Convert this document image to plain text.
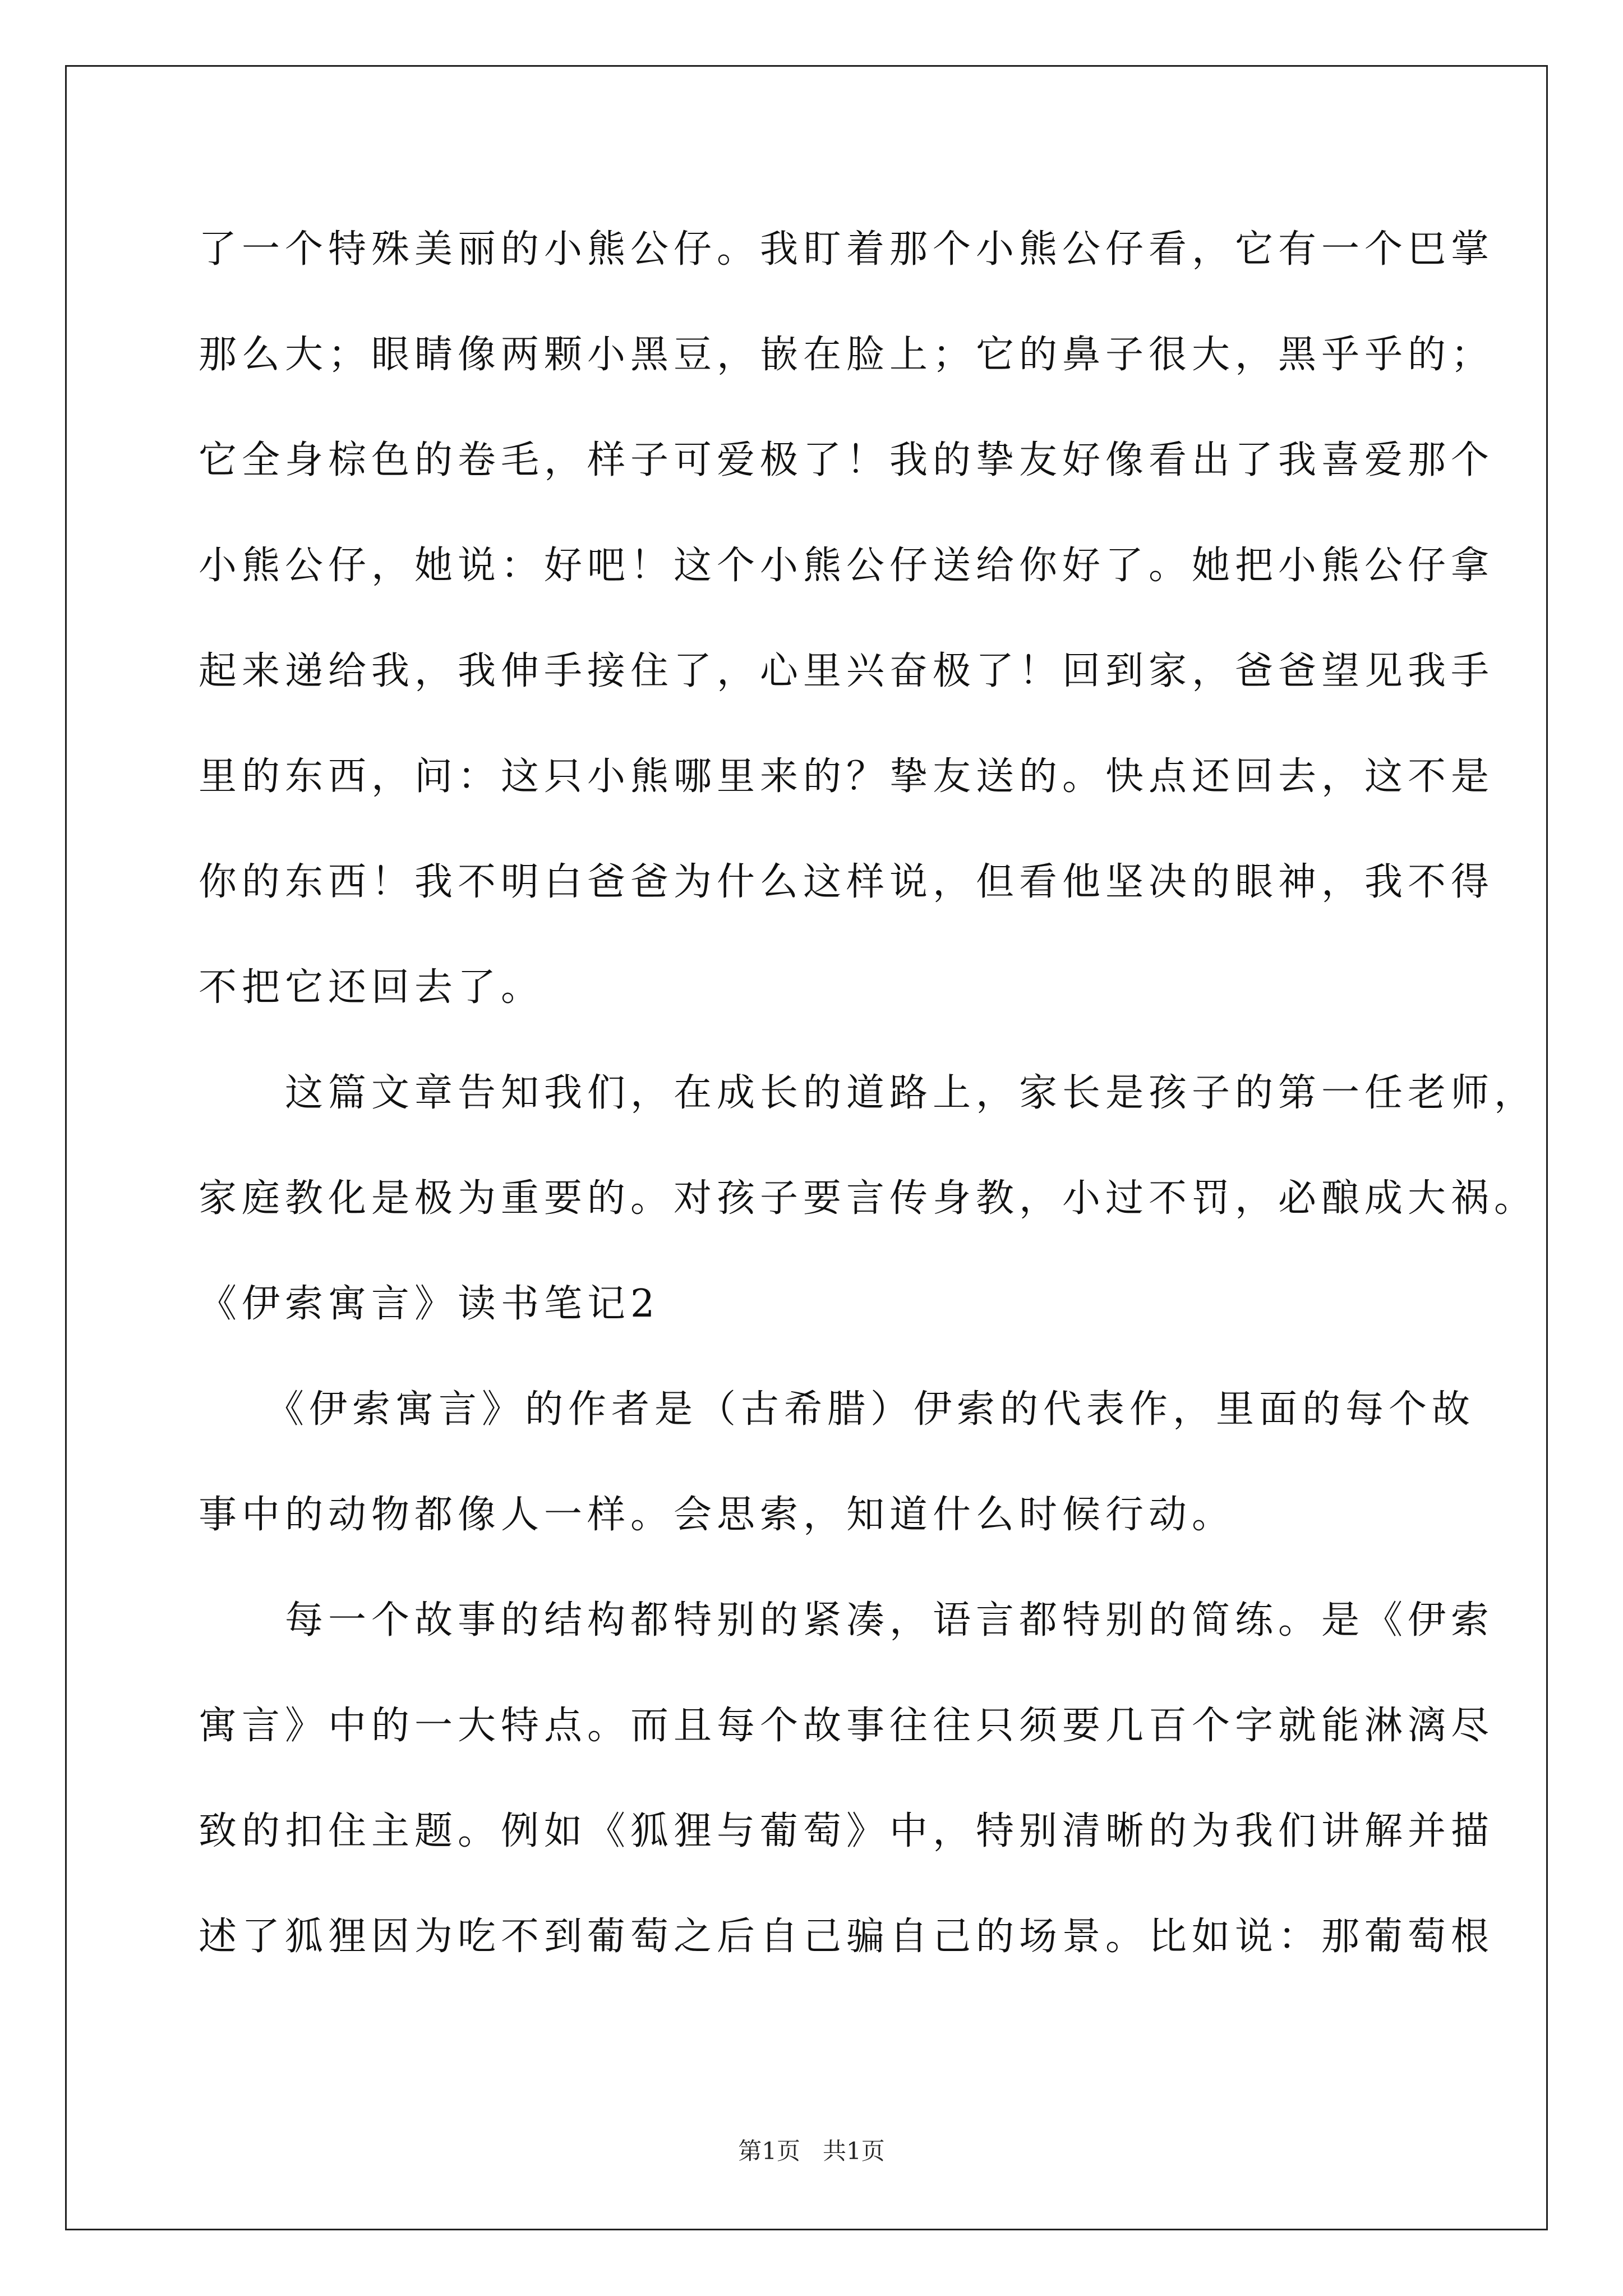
了一个特殊美丽的小熊公仔。我盯着那个小熊公仔看，它有一个巴掌
那么大；眼睛像两颗小黑豆，嵌在脸上；它的鼻子很大，黑乎乎的；
它全身棕色的卷毛，样子可爱极了！我的挚友好像看出了我喜爱那个
小熊公仔，她说：好吧！这个小熊公仔送给你好了。她把小熊公仔拿
起来递给我，我伸手接住了，心里兴奋极了！回到家，爸爸望见我手
里的东西，问：这只小熊哪里来的？挚友送的。快点还回去，这不是
你的东西！我不明白爸爸为什么这样说，但看他坚决的眼神，我不得
不把它还回去了。
　　这篇文章告知我们，在成长的道路上，家长是孩子的第一任老师，
家庭教化是极为重要的。对孩子要言传身教，小过不罚，必酿成大祸。
《伊索寓言》读书笔记2
　　《伊索寓言》的作者是（古希腊）伊索的代表作，里面的每个故
事中的动物都像人一样。会思索，知道什么时候行动。
　　每一个故事的结构都特别的紧凑，语言都特别的简练。是《伊索
寓言》中的一大特点。而且每个故事往往只须要几百个字就能淋漓尽
致的扣住主题。例如《狐狸与葡萄》中，特别清晰的为我们讲解并描
述了狐狸因为吃不到葡萄之后自己骗自己的场景。比如说：那葡萄根
第1页 共1页
